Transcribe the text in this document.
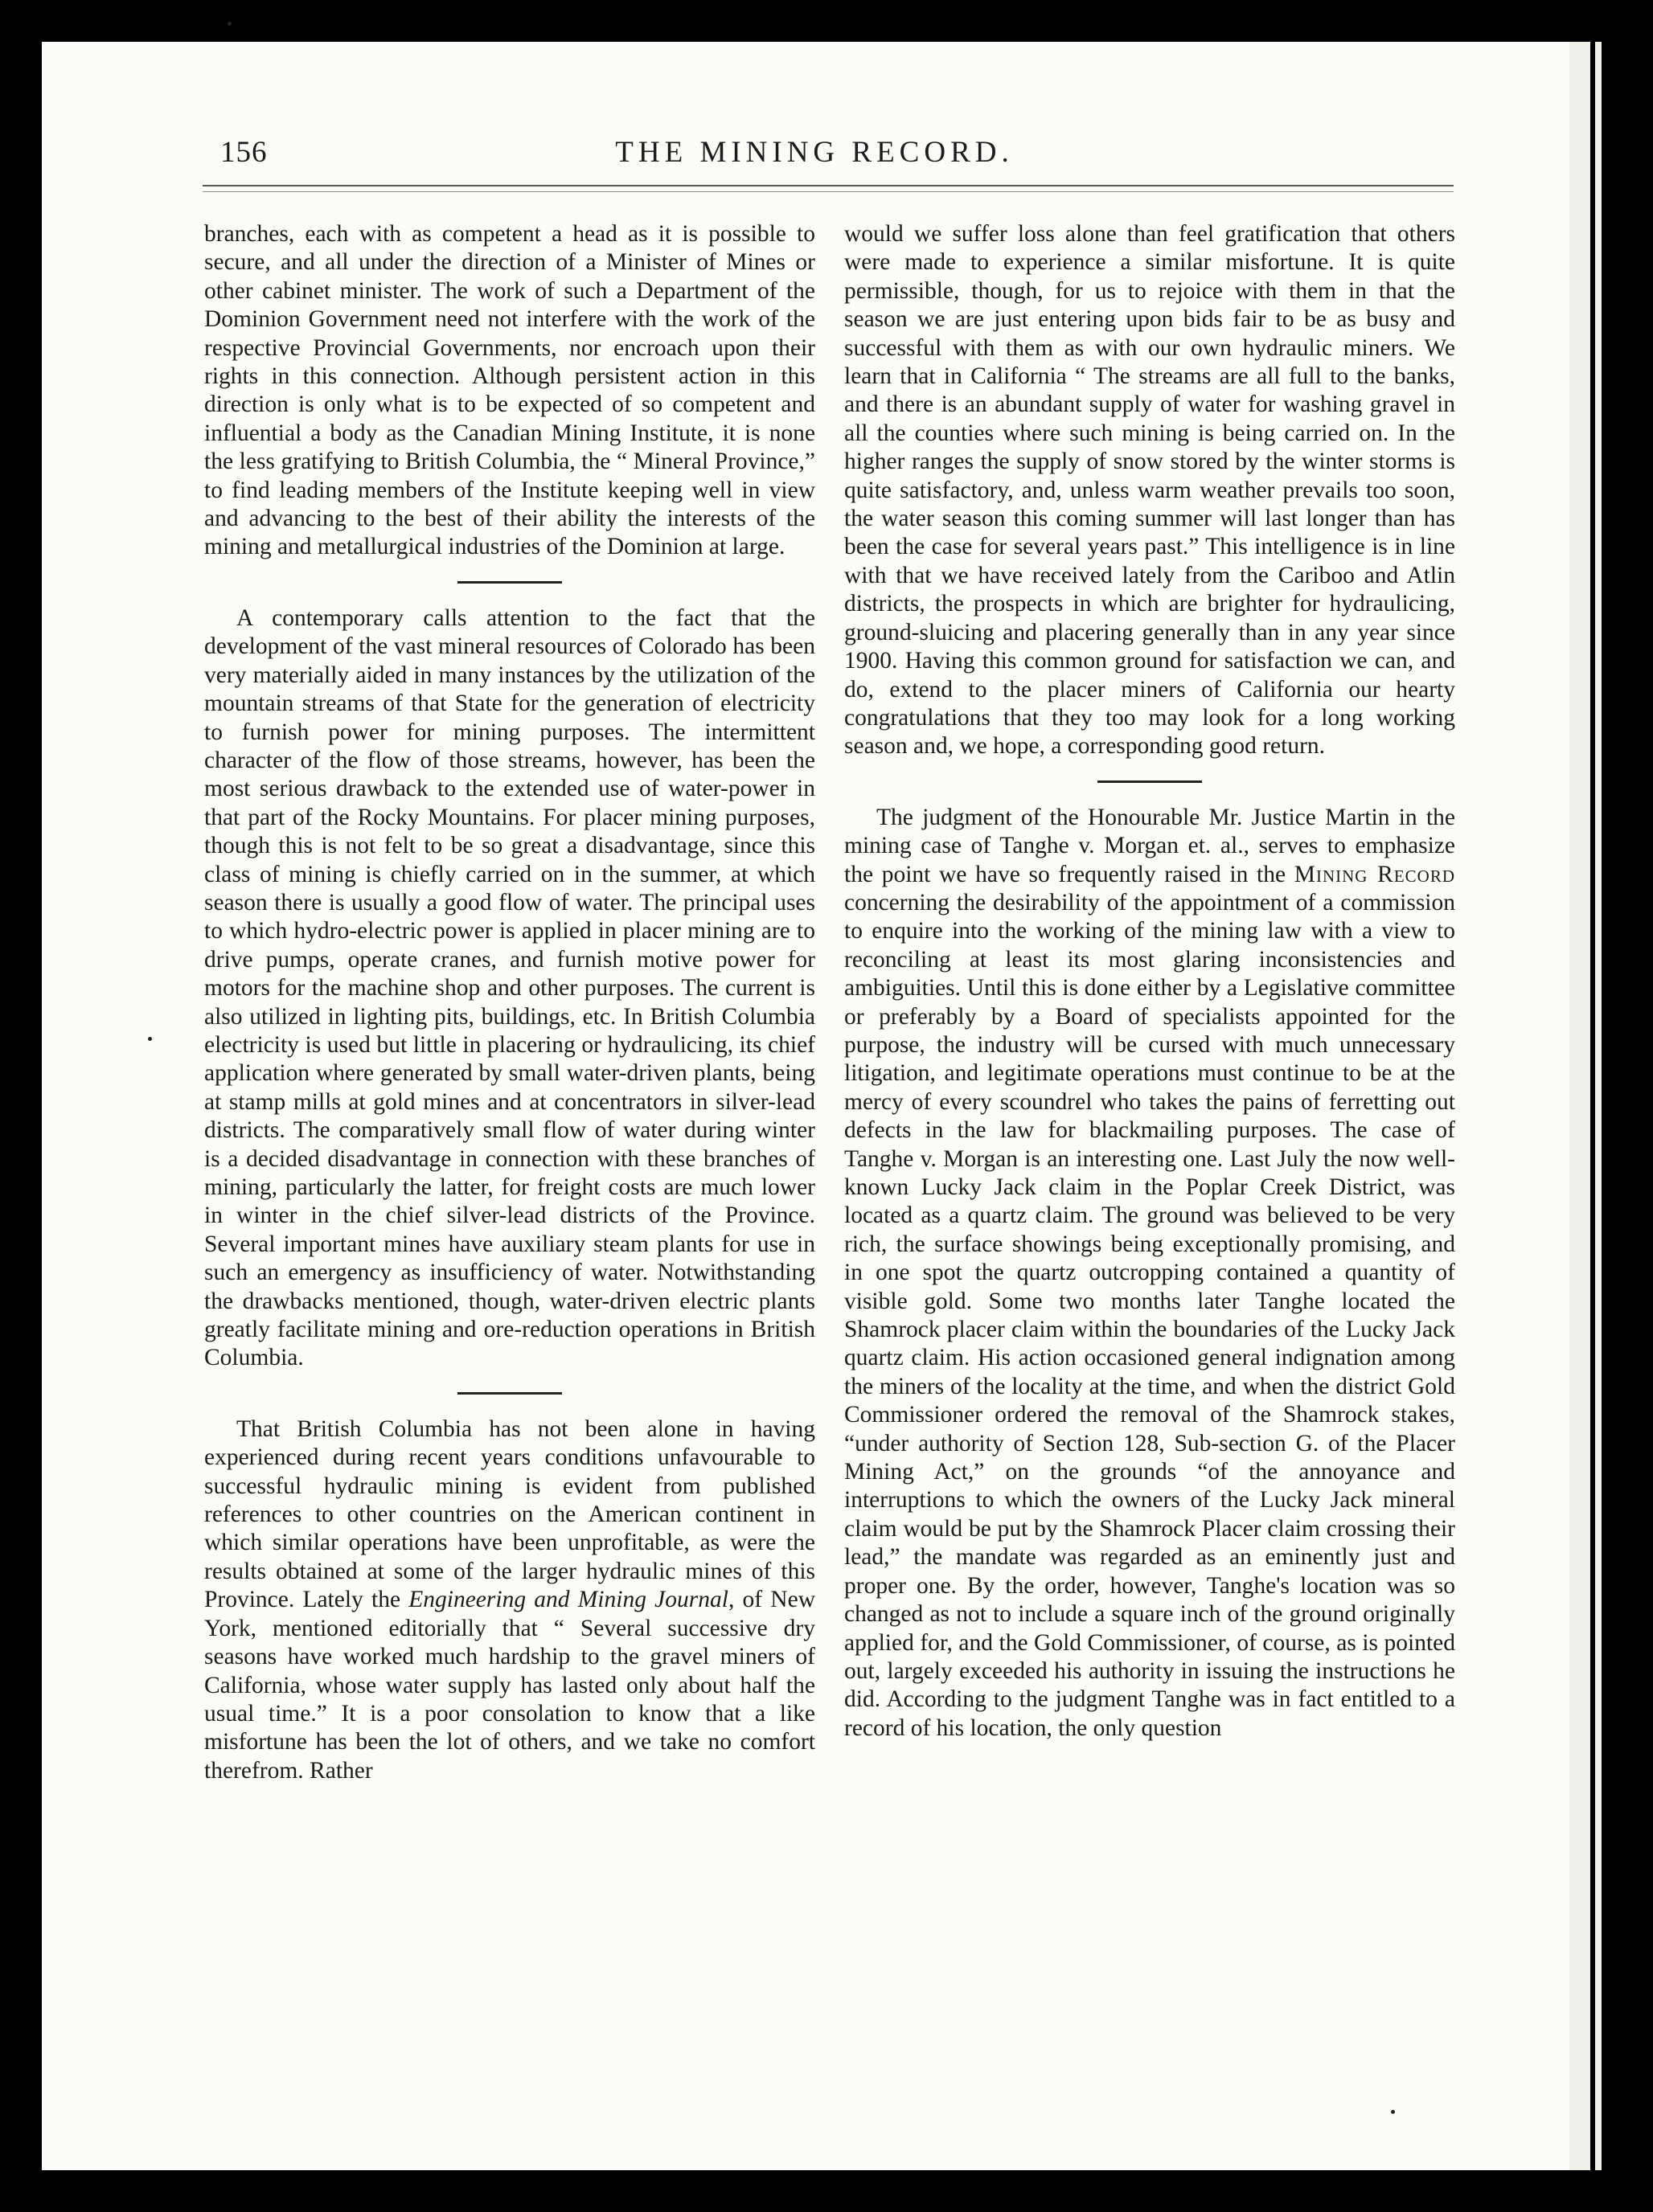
156	THE MINING RECORD.

branches, each with as competent a head as it is possible to secure, and all under the direction of a Minister of Mines or other cabinet minister. The work of such a Department of the Dominion Government need not interfere with the work of the respective Provincial Governments, nor encroach upon their rights in this connection. Although persistent action in this direction is only what is to be expected of so competent and influential a body as the Canadian Mining Institute, it is none the less gratifying to British Columbia, the “ Mineral Province,” to find leading members of the Institute keeping well in view and advancing to the best of their ability the interests of the mining and metallurgical industries of the Dominion at large.

A contemporary calls attention to the fact that the development of the vast mineral resources of Colorado has been very materially aided in many instances by the utilization of the mountain streams of that State for the generation of electricity to furnish power for mining purposes. The intermittent character of the flow of those streams, however, has been the most serious drawback to the extended use of water-power in that part of the Rocky Mountains. For placer mining purposes, though this is not felt to be so great a disadvantage, since this class of mining is chiefly carried on in the summer, at which season there is usually a good flow of water. The principal uses to which hydro-electric power is applied in placer mining are to drive pumps, operate cranes, and furnish motive power for motors for the machine shop and other purposes. The current is also utilized in lighting pits, buildings, etc. In British Columbia electricity is used but little in placering or hydraulicing, its chief application where generated by small water-driven plants, being at stamp mills at gold mines and at concentrators in silver-lead districts. The comparatively small flow of water during winter is a decided disadvantage in connection with these branches of mining, particularly the latter, for freight costs are much lower in winter in the chief silver-lead districts of the Province. Several important mines have auxiliary steam plants for use in such an emergency as insufficiency of water. Notwithstanding the drawbacks mentioned, though, water-driven electric plants greatly facilitate mining and ore-reduction operations in British Columbia.

That British Columbia has not been alone in having experienced during recent years conditions unfavourable to successful hydraulic mining is evident from published references to other countries on the American continent in which similar operations have been unprofitable, as were the results obtained at some of the larger hydraulic mines of this Province. Lately the Engineering and Mining Journal, of New York, mentioned editorially that “ Several successive dry seasons have worked much hardship to the gravel miners of California, whose water supply has lasted only about half the usual time.” It is a poor consolation to know that a like misfortune has been the lot of others, and we take no comfort therefrom. Rather

would we suffer loss alone than feel gratification that others were made to experience a similar misfortune. It is quite permissible, though, for us to rejoice with them in that the season we are just entering upon bids fair to be as busy and successful with them as with our own hydraulic miners. We learn that in California “ The streams are all full to the banks, and there is an abundant supply of water for washing gravel in all the counties where such mining is being carried on. In the higher ranges the supply of snow stored by the winter storms is quite satisfactory, and, unless warm weather prevails too soon, the water season this coming summer will last longer than has been the case for several years past.” This intelligence is in line with that we have received lately from the Cariboo and Atlin districts, the prospects in which are brighter for hydraulicing, ground-sluicing and placering generally than in any year since 1900. Having this common ground for satisfaction we can, and do, extend to the placer miners of California our hearty congratulations that they too may look for a long working season and, we hope, a corresponding good return.

The judgment of the Honourable Mr. Justice Martin in the mining case of Tanghe v. Morgan et. al., serves to emphasize the point we have so frequently raised in the Mining Record concerning the desirability of the appointment of a commission to enquire into the working of the mining law with a view to reconciling at least its most glaring inconsistencies and ambiguities. Until this is done either by a Legislative committee or preferably by a Board of specialists appointed for the purpose, the industry will be cursed with much unnecessary litigation, and legitimate operations must continue to be at the mercy of every scoundrel who takes the pains of ferretting out defects in the law for blackmailing purposes. The case of Tanghe v. Morgan is an interesting one. Last July the now well-known Lucky Jack claim in the Poplar Creek District, was located as a quartz claim. The ground was believed to be very rich, the surface showings being exceptionally promising, and in one spot the quartz outcropping contained a quantity of visible gold. Some two months later Tanghe located the Shamrock placer claim within the boundaries of the Lucky Jack quartz claim. His action occasioned general indignation among the miners of the locality at the time, and when the district Gold Commissioner ordered the removal of the Shamrock stakes, “under authority of Section 128, Sub-section G. of the Placer Mining Act,” on the grounds “of the annoyance and interruptions to which the owners of the Lucky Jack mineral claim would be put by the Shamrock Placer claim crossing their lead,” the mandate was regarded as an eminently just and proper one. By the order, however, Tanghe's location was so changed as not to include a square inch of the ground originally applied for, and the Gold Commissioner, of course, as is pointed out, largely exceeded his authority in issuing the instructions he did. According to the judgment Tanghe was in fact entitled to a record of his location, the only question
